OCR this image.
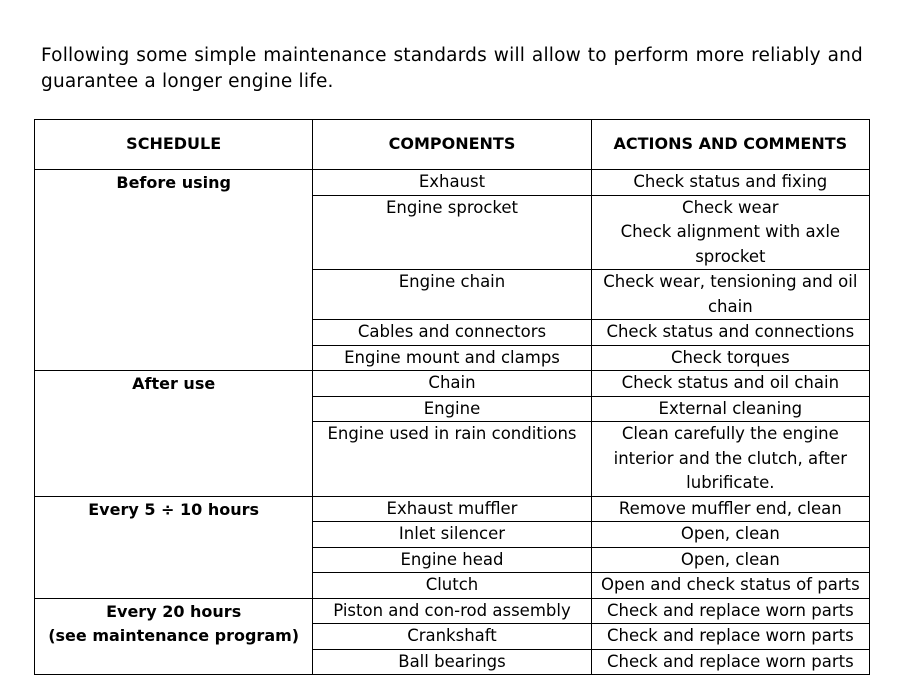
Following some simple maintenance standards will allow to perform more reliably and
guarantee a longer engine life.
SCHEDULE	COMPONENTS	ACTIONS AND COMMENTS

Before using	Exhaust	Check status and fixing

	Engine sprocket	Check wear
Check alignment with axle
sprocket

	Engine chain	Check wear, tensioning and oil
chain

	Cables and connectors	Check status and connections

	Engine mount and clamps	Check torques

After use	Chain	Check status and oil chain

	Engine	External cleaning

	Engine used in rain conditions	Clean carefully the engine
interior and the clutch, after
lubrificate.

Every 5 ÷ 10 hours	Exhaust muffler	Remove muffler end, clean

	Inlet silencer	Open, clean

	Engine head	Open, clean

	Clutch	Open and check status of parts

Every 20 hours
(see maintenance program)	Piston and con-rod assembly	Check and replace worn parts

	Crankshaft	Check and replace worn parts

	Ball bearings	Check and replace worn parts
